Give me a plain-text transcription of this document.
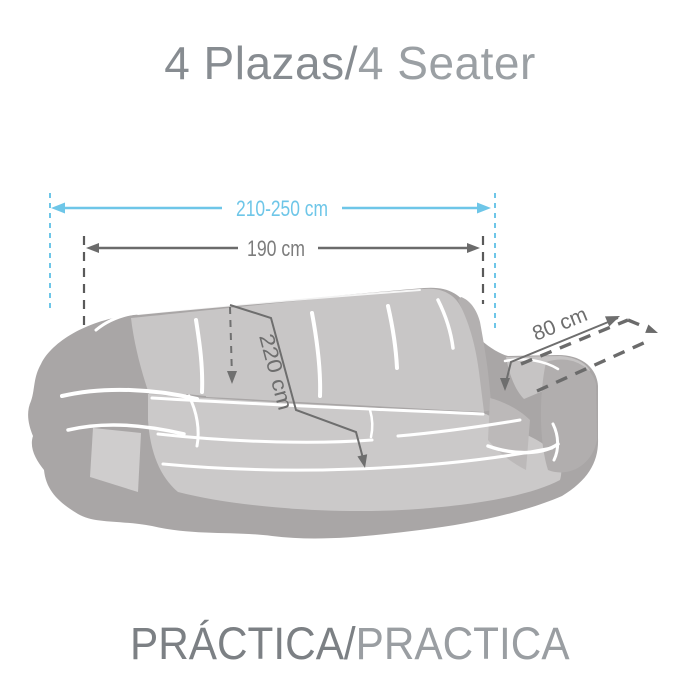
4 Plazas/4 Seater
210-250 cm
190 cm
220 cm
80 cm
PRÁCTICA/PRACTICA
